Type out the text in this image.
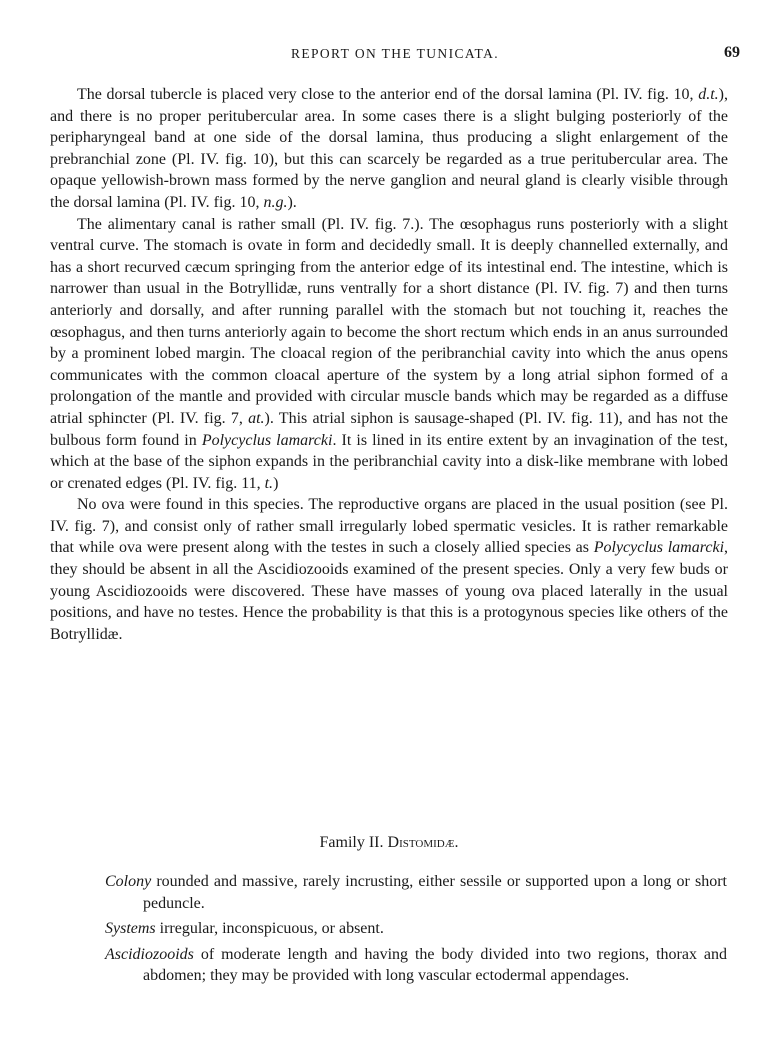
REPORT ON THE TUNICATA.	69

The dorsal tubercle is placed very close to the anterior end of the dorsal lamina (Pl. IV. fig. 10, d.t.), and there is no proper peritubercular area. In some cases there is a slight bulging posteriorly of the peripharyngeal band at one side of the dorsal lamina, thus producing a slight enlargement of the prebranchial zone (Pl. IV. fig. 10), but this can scarcely be regarded as a true peritubercular area. The opaque yellowish-brown mass formed by the nerve ganglion and neural gland is clearly visible through the dorsal lamina (Pl. IV. fig. 10, n.g.).

The alimentary canal is rather small (Pl. IV. fig. 7.). The œsophagus runs posteriorly with a slight ventral curve. The stomach is ovate in form and decidedly small. It is deeply channelled externally, and has a short recurved cæcum springing from the anterior edge of its intestinal end. The intestine, which is narrower than usual in the Botryllidæ, runs ventrally for a short distance (Pl. IV. fig. 7) and then turns anteriorly and dorsally, and after running parallel with the stomach but not touching it, reaches the œsophagus, and then turns anteriorly again to become the short rectum which ends in an anus surrounded by a prominent lobed margin. The cloacal region of the peribranchial cavity into which the anus opens communicates with the common cloacal aperture of the system by a long atrial siphon formed of a prolongation of the mantle and provided with circular muscle bands which may be regarded as a diffuse atrial sphincter (Pl. IV. fig. 7, at.). This atrial siphon is sausage-shaped (Pl. IV. fig. 11), and has not the bulbous form found in Polycyclus lamarcki. It is lined in its entire extent by an invagination of the test, which at the base of the siphon expands in the peribranchial cavity into a disk-like membrane with lobed or crenated edges (Pl. IV. fig. 11, t.)

No ova were found in this species. The reproductive organs are placed in the usual position (see Pl. IV. fig. 7), and consist only of rather small irregularly lobed spermatic vesicles. It is rather remarkable that while ova were present along with the testes in such a closely allied species as Polycyclus lamarcki, they should be absent in all the Ascidiozooids examined of the present species. Only a very few buds or young Ascidiozooids were discovered. These have masses of young ova placed laterally in the usual positions, and have no testes. Hence the probability is that this is a protogynous species like others of the Botryllidæ.

Family II. Distomidæ.

Colony rounded and massive, rarely incrusting, either sessile or supported upon a long or short peduncle.

Systems irregular, inconspicuous, or absent.

Ascidiozooids of moderate length and having the body divided into two regions, thorax and abdomen; they may be provided with long vascular ectodermal appendages.
